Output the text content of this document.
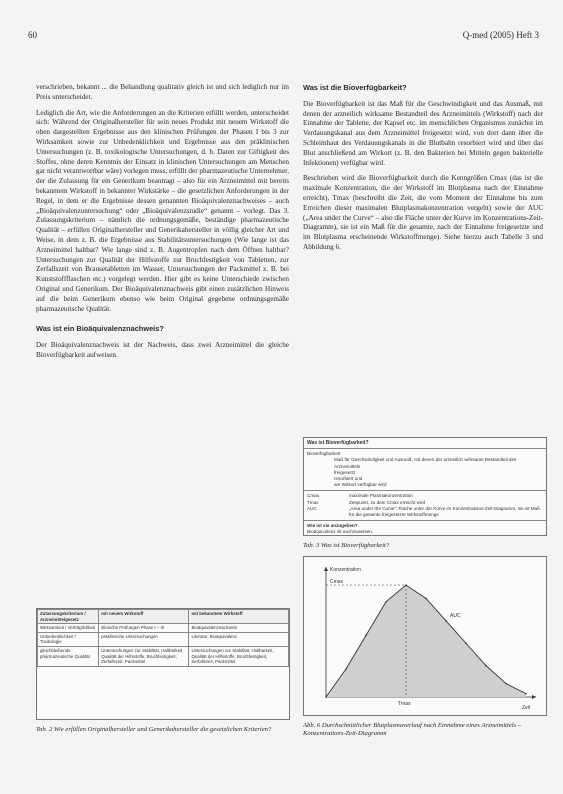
60	Q-med (2005) Heft 3

verschrieben, bekannt ... die Behandlung qualitativ gleich ist und sich lediglich nur im Preis unterscheidet.

Lediglich die Art, wie die Anforderungen an die Kriterien erfüllt werden, unterscheidet sich: Während der Originalhersteller für sein neues Produkt mit neuem Wirkstoff die oben dargestellten Ergebnisse aus den klinischen Prüfungen der Phasen I bis 3 zur Wirksamkeit sowie zur Unbedenklichkeit und Ergebnisse aus den präklinischen Untersuchungen (z. B. toxikologische Untersuchungen, d. h. Daten zur Giftigkeit des Stoffes, ohne deren Kenntnis der Einsatz in klinischen Untersuchungen am Menschen gar nicht verantwortbar wäre) vorlegen muss, erfüllt der pharmazeutische Unternehmer, der die Zulassung für ein Generikum beantragt – also für ein Arzneimittel mit bereits bekanntem Wirkstoff in bekannter Wirkstärke – die gesetzlichen Anforderungen in der Regel, in dem er die Ergebnisse dessen genannten Bioäquivalenznachweises – auch „Bioäquivalenzuntersuchung“ oder „Bioäquivalenzstudie“ genannt – vorlegt. Das 3. Zulassungskriterium – nämlich die ordnungsgemäße, beständige pharmazeutische Qualität – erfüllen Originalhersteller und Generikahersteller in völlig gleicher Art und Weise, in dem z. B. die Ergebnisse aus Stabilitätsuntersuchungen (Wie lange ist das Arzneimittel haltbar? Wie lange sind z. B. Augentropfen nach dem Öffnen haltbar? Untersuchungen zur Qualität der Hilfsstoffe zur Bruchfestigkeit von Tabletten, zur Zerfallszeit von Brausetabletten im Wasser, Untersuchungen der Packmittel z. B. bei Kunststoffflaschen etc.) vorgelegt werden. Hier gibt es keine Unterschiede zwischen Original und Generikum. Der Bioäquivalenznachweis gibt einen zusätzlichen Hinweis auf die beim Generikum ebenso wie beim Original gegebene ordnungsgemäße pharmazeutische Qualität.

Was ist ein Bioäquivalenznachweis?

Der Bioäquivalenznachweis ist der Nachweis, dass zwei Arzneimittel die gleiche Bioverfügbarkeit aufweisen.

Zulassungskriterium / Arzneimittelgesetz	mit neuem Wirkstoff	mit bekanntem Wirkstoff
Wirksamkeit / Verträglichkeit	klinische Prüfungen Phase I – III	Bioäquivalenznachweis
Unbedenklichkeit / Toxikologie	präklinische Untersuchungen	Literatur, Bioäquivalenz
gleichbleibende pharmazeutische Qualität	Untersuchungen zur Stabilität, Haltbarkeit, Qualität der Hilfsstoffe, Bruchfestigkeit, Zerfallszeit, Packmittel	Untersuchungen zur Stabilität, Haltbarkeit, Qualität der Hilfsstoffe, Bruchfestigkeit, Zerfallszeit, Packmittel
Tab. 2 Wie erfüllen Originalhersteller und Generikahersteller die gesetzlichen Kriterien?
Was ist die Bioverfügbarkeit?

Die Bioverfügbarkeit ist das Maß für die Geschwindigkeit und das Ausmaß, mit denen der arzneilich wirksame Bestandteil des Arzneimittels (Wirkstoff) nach der Einnahme der Tablette, der Kapsel etc. im menschlichen Organismus zunächst im Verdauungskanal aus dem Arzneimittel freigesetzt wird, von dort dann über die Schleimhaut des Verdauungskanals in die Blutbahn resorbiert wird und über das Blut anschließend am Wirkort (z. B. den Bakterien bei Mitteln gegen bakterielle Infektionen) verfügbar wird.

Beschrieben wird die Bioverfügbarkeit durch die Kenngrößen Cmax (das ist die maximale Konzentration, die der Wirkstoff im Blutplasma nach der Einnahme erreicht), Tmax (beschreibt die Zeit, die vom Moment der Einnahme bis zum Erreichen dieser maximalen Blutplasmakonzentration vergeht) sowie der AUC („Area under the Curve“ – also die Fläche unter der Kurve im Konzentrations-Zeit-Diagramm), sie ist ein Maß für die gesamte, nach der Einnahme freigesetzte und im Blutplasma erscheinende Wirkstoffmenge). Siehe hierzu auch Tabelle 3 und Abbildung 6.

Was ist Bioverfügbarkeit?
Bioverfügbarkeit
Maß für Geschwindigkeit und Ausmaß, mit denen der arzneilich wirksame Bestandteil des Arzneimittels
freigesetzt
resorbiert und
am Wirkort verfügbar wird
Cmax	maximale Plasmakonzentration
Tmax	Zeitpunkt, zu dem Cmax erreicht wird
AUC	„Area under the Curve“: Fläche unter der Kurve im Konzentrations-Zeit-Diagramm, sie ist Maß für die gesamte freigesetzte Wirkstoffmenge
Wie ist sie anzugeben?
Bioäquivalenz ist nachzuweisen.
Tab. 3 Was ist Bioverfügbarkeit?
Konzentration
Zeit
Cmax
Tmax
AUC
Abb. 6 Durchschnittlicher Blutplasmaverlauf nach Einnahme eines Arzneimittels – Konzentrations-Zeit-Diagramm
